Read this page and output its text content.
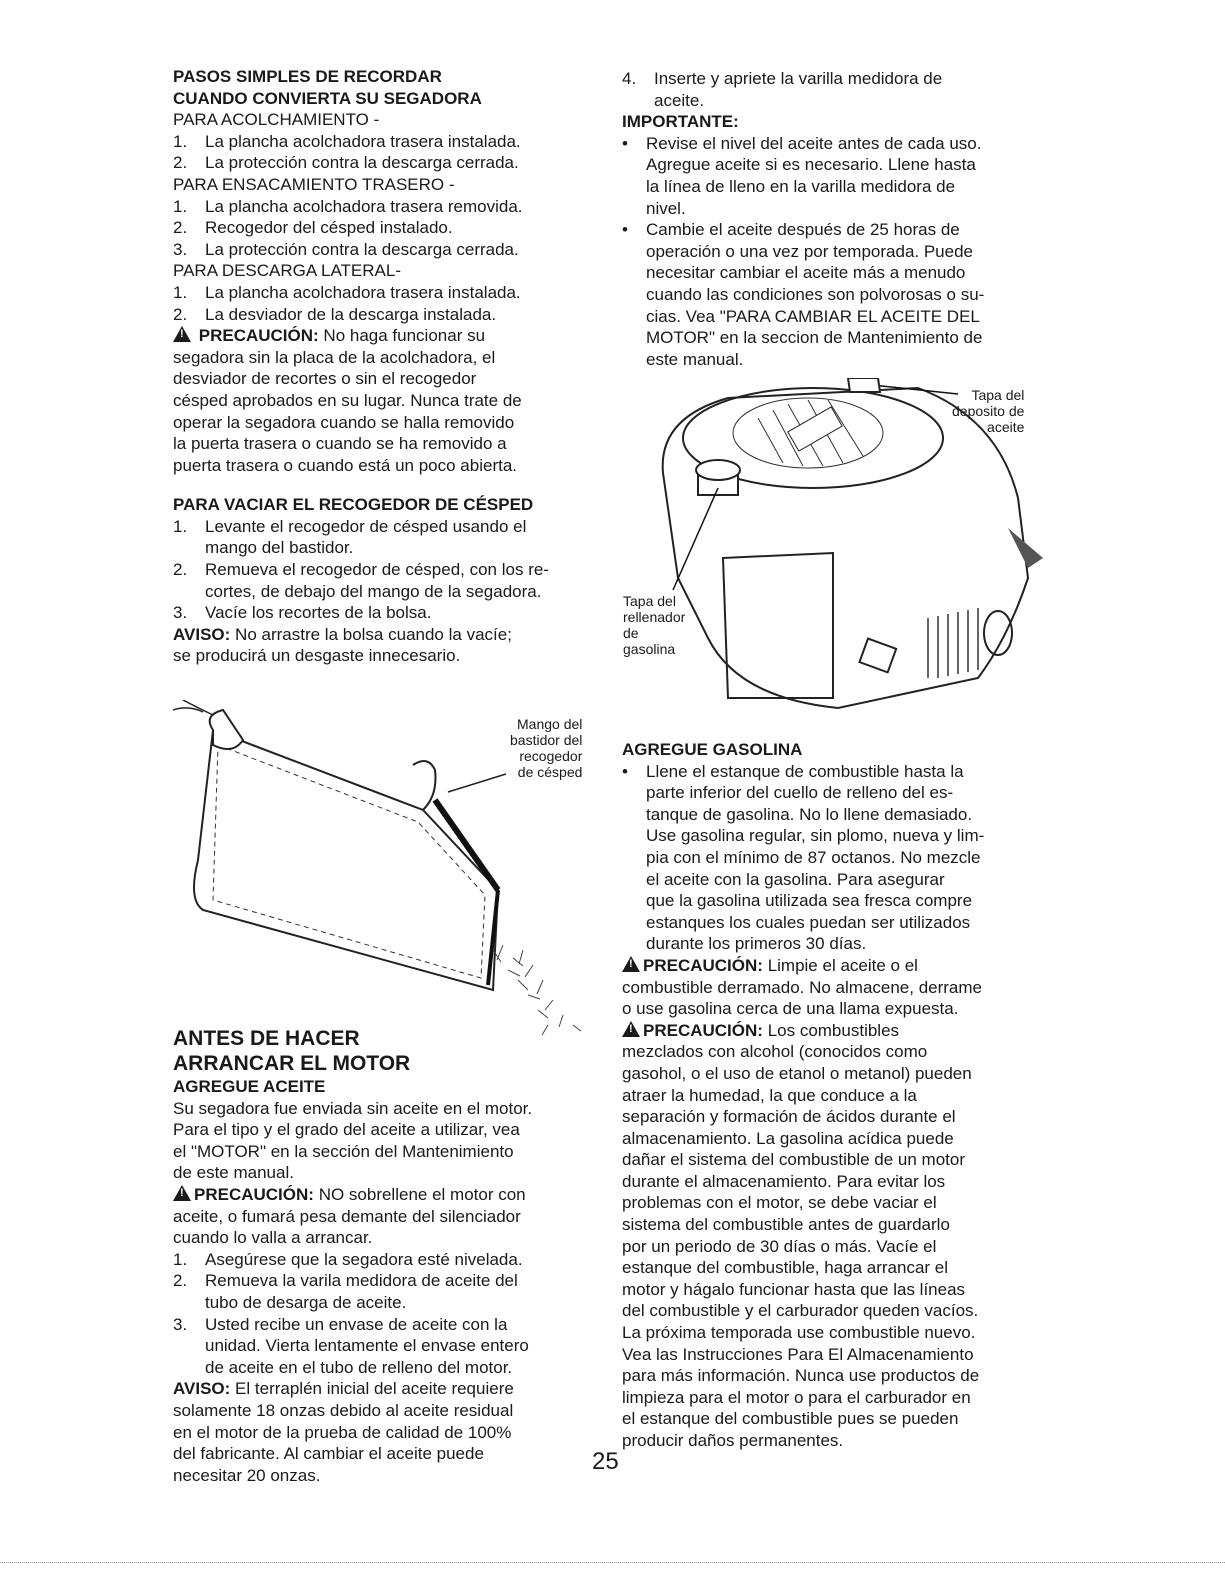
PASOS SIMPLES DE RECORDAR
CUANDO CONVIERTA SU SEGADORA
PARA ACOLCHAMIENTO -
1. La plancha acolchadora trasera instalada.
2. La protección contra la descarga cerrada.
PARA ENSACAMIENTO TRASERO -
1. La plancha acolchadora trasera removida.
2. Recogedor del césped instalado.
3. La protección contra la descarga cerrada.
PARA DESCARGA LATERAL-
1. La plancha acolchadora trasera instalada.
2. La desviador de la descarga instalada.
! PRECAUCIÓN: No haga funcionar su
segadora sin la placa de la acolchadora, el
desviador de recortes o sin el recogedor
césped aprobados en su lugar. Nunca trate de
operar la segadora cuando se halla removido
la puerta trasera o cuando se ha removido a
puerta trasera o cuando está un poco abierta.
PARA VACIAR EL RECOGEDOR DE CÉSPED
1. Levante el recogedor de césped usando el
mango del bastidor.
2. Remueva el recogedor de césped, con los re-
cortes, de debajo del mango de la segadora.
3. Vacíe los recortes de la bolsa.
AVISO: No arrastre la bolsa cuando la vacíe;
se producirá un desgaste innecesario.
Mango del
bastidor del
recogedor
de césped
ANTES DE HACER
ARRANCAR EL MOTOR
AGREGUE ACEITE
Su segadora fue enviada sin aceite en el motor.
Para el tipo y el grado del aceite a utilizar, vea
el "MOTOR" en la sección del Mantenimiento
de este manual.
!PRECAUCIÓN: NO sobrellene el motor con
aceite, o fumará pesa demante del silenciador
cuando lo valla a arrancar.
1. Asegúrese que la segadora esté nivelada.
2. Remueva la varila medidora de aceite del
tubo de desarga de aceite.
3. Usted recibe un envase de aceite con la
unidad. Vierta lentamente el envase entero
de aceite en el tubo de relleno del motor.
AVISO: El terraplén inicial del aceite requiere
solamente 18 onzas debido al aceite residual
en el motor de la prueba de calidad de 100%
del fabricante. Al cambiar el aceite puede
necesitar 20 onzas.
4. Inserte y apriete la varilla medidora de
aceite.
IMPORTANTE:
• Revise el nivel del aceite antes de cada uso.
Agregue aceite si es necesario. Llene hasta
la línea de lleno en la varilla medidora de
nivel.
• Cambie el aceite después de 25 horas de
operación o una vez por temporada. Puede
necesitar cambiar el aceite más a menudo
cuando las condiciones son polvorosas o su-
cias. Vea "PARA CAMBIAR EL ACEITE DEL
MOTOR" en la seccion de Mantenimiento de
este manual.
Tapa del
deposito de
aceite
Tapa del
rellenador
de
gasolina
AGREGUE GASOLINA
• Llene el estanque de combustible hasta la
parte inferior del cuello de relleno del es-
tanque de gasolina. No lo llene demasiado.
Use gasolina regular, sin plomo, nueva y lim-
pia con el mínimo de 87 octanos. No mezcle
el aceite con la gasolina. Para asegurar
que la gasolina utilizada sea fresca compre
estanques los cuales puedan ser utilizados
durante los primeros 30 días.
!PRECAUCIÓN: Limpie el aceite o el
combustible derramado. No almacene, derrame
o use gasolina cerca de una llama expuesta.
!PRECAUCIÓN: Los combustibles
mezclados con alcohol (conocidos como
gasohol, o el uso de etanol o metanol) pueden
atraer la humedad, la que conduce a la
separación y formación de ácidos durante el
almacenamiento. La gasolina acídica puede
dañar el sistema del combustible de un motor
durante el almacenamiento. Para evitar los
problemas con el motor, se debe vaciar el
sistema del combustible antes de guardarlo
por un periodo de 30 días o más. Vacíe el
estanque del combustible, haga arrancar el
motor y hágalo funcionar hasta que las líneas
del combustible y el carburador queden vacíos.
La próxima temporada use combustible nuevo.
Vea las Instrucciones Para El Almacenamiento
para más información. Nunca use productos de
limpieza para el motor o para el carburador en
el estanque del combustible pues se pueden
producir daños permanentes.
25
